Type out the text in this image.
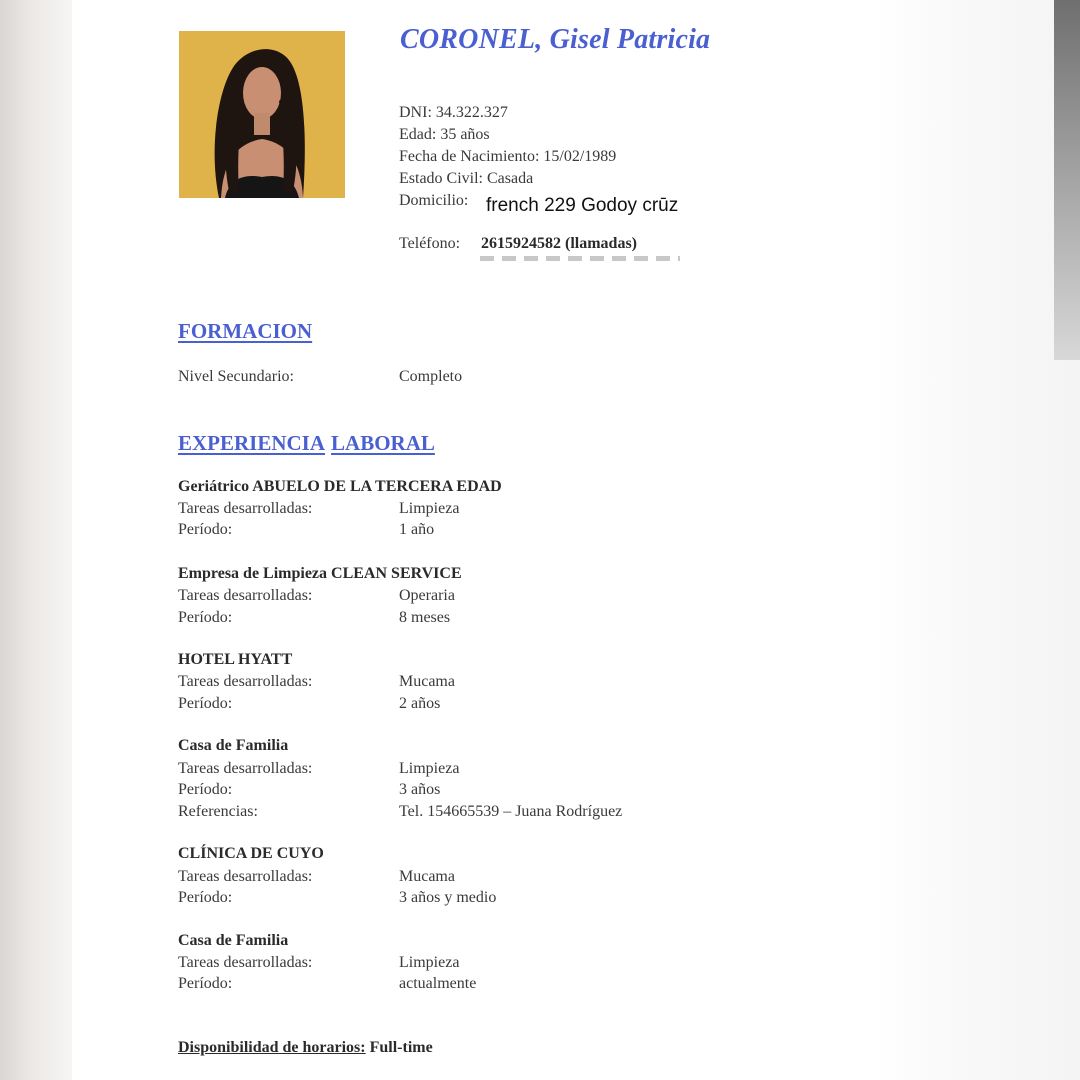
CORONEL, Gisel Patricia
DNI: 34.322.327
Edad: 35 años
Fecha de Nacimiento: 15/02/1989
Estado Civil: Casada
Domicilio: french 229 Godoy crūz
Teléfono: 2615924582 (llamadas)
FORMACION
Nivel Secundario:	Completo
EXPERIENCIA LABORAL
Geriátrico ABUELO DE LA TERCERA EDAD
Tareas desarrolladas:	Limpieza
Período:	1 año
Empresa de Limpieza CLEAN SERVICE
Tareas desarrolladas:	Operaria
Período:	8 meses
HOTEL HYATT
Tareas desarrolladas:	Mucama
Período:	2 años
Casa de Familia
Tareas desarrolladas:	Limpieza
Período:	3 años
Referencias:	Tel. 154665539 – Juana Rodríguez
CLÍNICA DE CUYO
Tareas desarrolladas:	Mucama
Período:	3 años y medio
Casa de Familia
Tareas desarrolladas:	Limpieza
Período:	actualmente
Disponibilidad de horarios: Full-time
